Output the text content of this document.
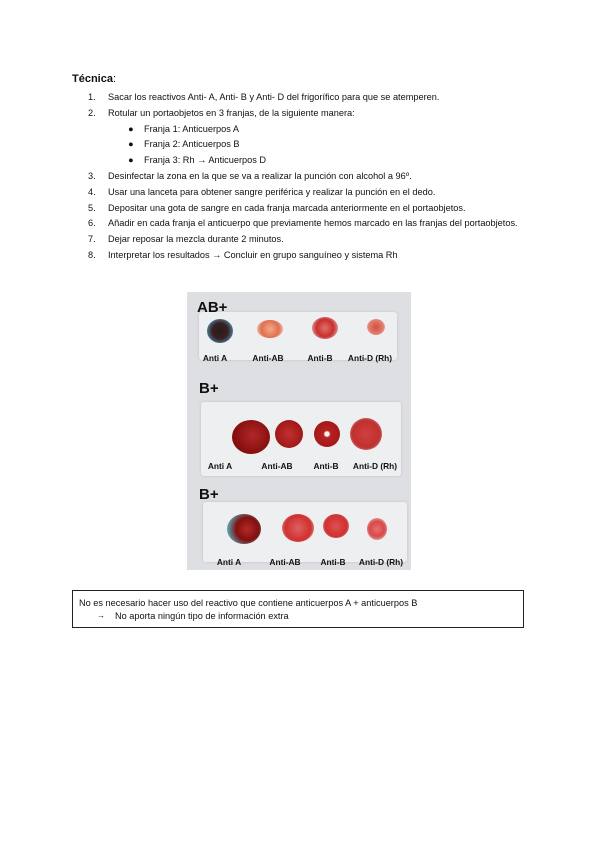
Técnica:
1.	Sacar los reactivos Anti- A, Anti- B y Anti- D del frigorífico para que se atemperen.
2.	Rotular un portaobjetos en 3 franjas, de la siguiente manera:
●	Franja 1: Anticuerpos A
●	Franja 2: Anticuerpos B
●	Franja 3: Rh → Anticuerpos D
3.	Desinfectar la zona en la que se va a realizar la punción con alcohol a 96º.
4.	Usar una lanceta para obtener sangre periférica y realizar la punción en el dedo.
5.	Depositar una gota de sangre en cada franja marcada anteriormente en el portaobjetos.
6.	Añadir en cada franja el anticuerpo que previamente hemos marcado en las franjas del portaobjetos.
7.	Dejar reposar la mezcla durante 2 minutos.
8.	Interpretar los resultados → Concluir en grupo sanguíneo y sistema Rh
AB+
Anti A	Anti-AB	Anti-B Anti-D (Rh)
B+
Anti A	Anti-AB Anti-B Anti-D (Rh)
B+
Anti A	Anti-AB Anti-B Anti-D (Rh)
No es necesario hacer uso del reactivo que contiene anticuerpos A + anticuerpos B
→	No aporta ningún tipo de información extra
